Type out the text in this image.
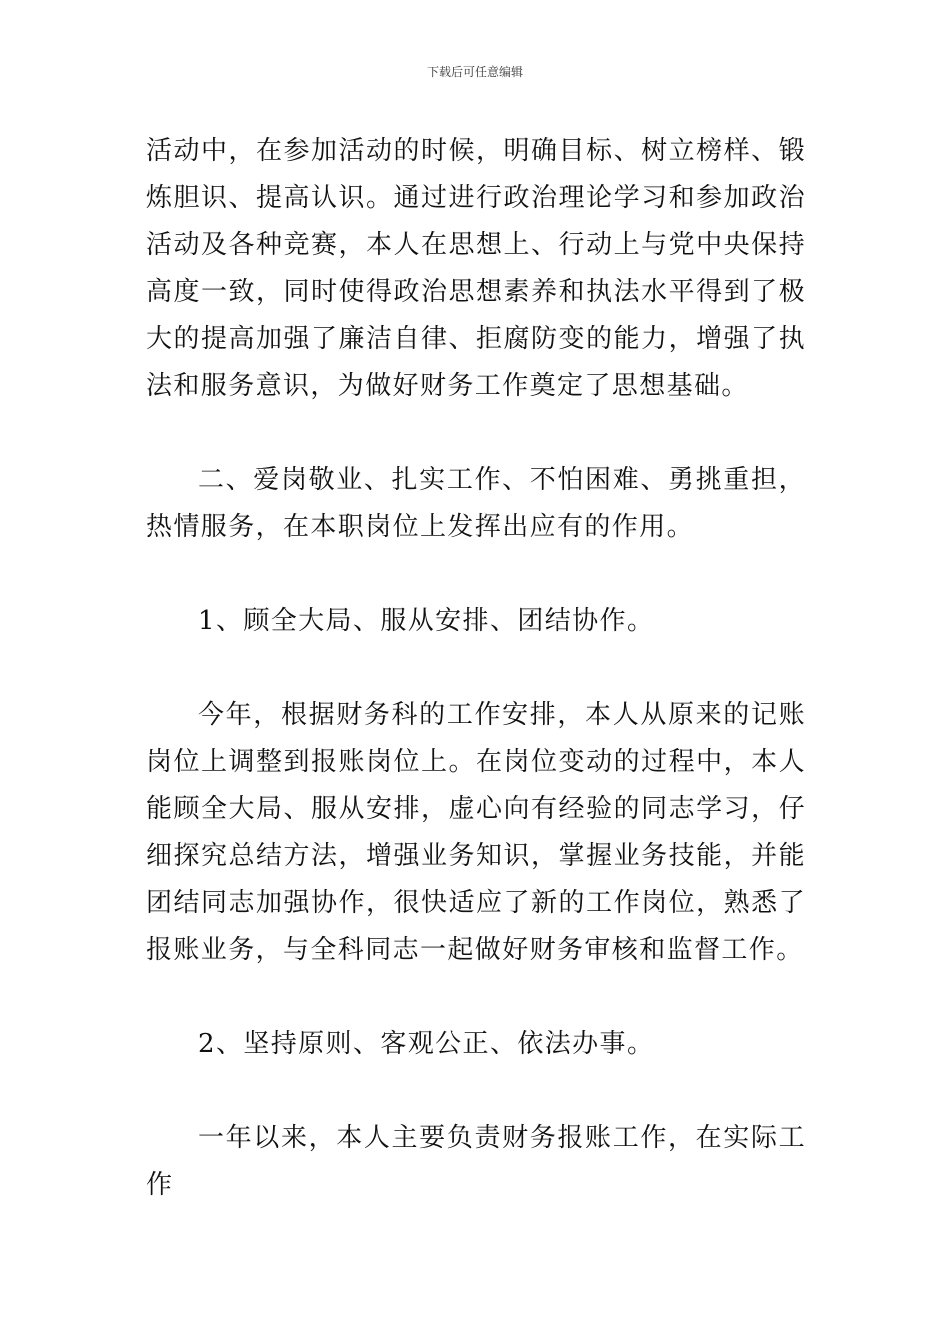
下载后可任意编辑

活动中，在参加活动的时候，明确目标、树立榜样、锻炼胆识、提高认识。通过进行政治理论学习和参加政治活动及各种竞赛，本人在思想上、行动上与党中央保持高度一致，同时使得政治思想素养和执法水平得到了极大的提高加强了廉洁自律、拒腐防变的能力，增强了执法和服务意识，为做好财务工作奠定了思想基础。

二、爱岗敬业、扎实工作、不怕困难、勇挑重担，热情服务，在本职岗位上发挥出应有的作用。

1、顾全大局、服从安排、团结协作。

今年，根据财务科的工作安排，本人从原来的记账岗位上调整到报账岗位上。在岗位变动的过程中，本人能顾全大局、服从安排，虚心向有经验的同志学习，仔细探究总结方法，增强业务知识，掌握业务技能，并能团结同志加强协作，很快适应了新的工作岗位，熟悉了报账业务，与全科同志一起做好财务审核和监督工作。

2、坚持原则、客观公正、依法办事。

一年以来，本人主要负责财务报账工作，在实际工作
